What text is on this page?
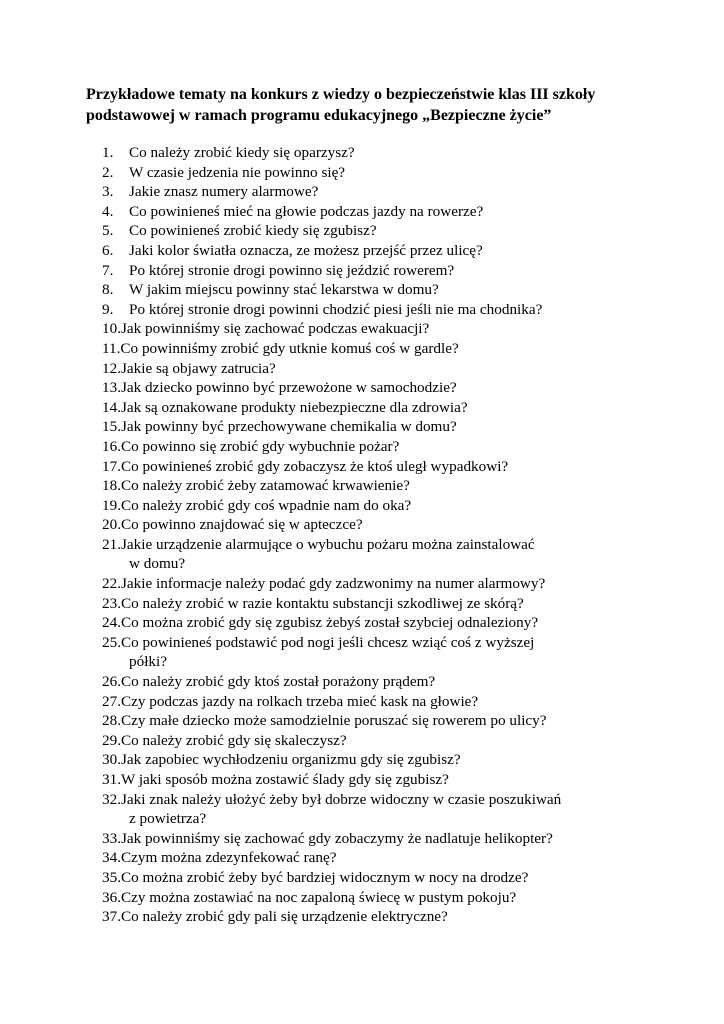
Przykładowe tematy na konkurs z wiedzy o bezpieczeństwie klas III szkoły
podstawowej w ramach programu edukacyjnego „Bezpieczne życie”
1.	Co należy zrobić kiedy się oparzysz?
2.	W czasie jedzenia nie powinno się?
3.	Jakie znasz numery alarmowe?
4.	Co powinieneś mieć na głowie podczas jazdy na rowerze?
5.	Co powinieneś zrobić kiedy się zgubisz?
6.	Jaki kolor światła oznacza, ze możesz przejść przez ulicę?
7.	Po której stronie drogi powinno się jeździć rowerem?
8.	W jakim miejscu powinny stać lekarstwa w domu?
9.	Po której stronie drogi powinni chodzić piesi jeśli nie ma chodnika?
10. Jak powinniśmy się zachować podczas ewakuacji?
11. Co powinniśmy zrobić gdy utknie komuś coś w gardle?
12. Jakie są objawy zatrucia?
13. Jak dziecko powinno być przewożone w samochodzie?
14. Jak są oznakowane produkty niebezpieczne dla zdrowia?
15. Jak powinny być przechowywane chemikalia w domu?
16. Co powinno się zrobić gdy wybuchnie pożar?
17. Co powinieneś zrobić gdy zobaczysz że ktoś uległ wypadkowi?
18. Co należy zrobić żeby zatamować krwawienie?
19. Co należy zrobić gdy coś wpadnie nam do oka?
20. Co powinno znajdować się w apteczce?
21. Jakie urządzenie alarmujące o wybuchu pożaru można zainstalować
w domu?
22. Jakie informacje należy podać gdy zadzwonimy na numer alarmowy?
23. Co należy zrobić w razie kontaktu substancji szkodliwej ze skórą?
24. Co można zrobić gdy się zgubisz żebyś został szybciej odnaleziony?
25. Co powinieneś podstawić pod nogi jeśli chcesz wziąć coś z wyższej
półki?
26. Co należy zrobić gdy ktoś został porażony prądem?
27. Czy podczas jazdy na rolkach trzeba mieć kask na głowie?
28. Czy małe dziecko może samodzielnie poruszać się rowerem po ulicy?
29. Co należy zrobić gdy się skaleczysz?
30. Jak zapobiec wychłodzeniu organizmu gdy się zgubisz?
31. W jaki sposób można zostawić ślady gdy się zgubisz?
32. Jaki znak należy ułożyć żeby był dobrze widoczny w czasie poszukiwań
z powietrza?
33. Jak powinniśmy się zachować gdy zobaczymy że nadlatuje helikopter?
34. Czym można zdezynfekować ranę?
35. Co można zrobić żeby być bardziej widocznym w nocy na drodze?
36. Czy można zostawiać na noc zapaloną świecę w pustym pokoju?
37. Co należy zrobić gdy pali się urządzenie elektryczne?
